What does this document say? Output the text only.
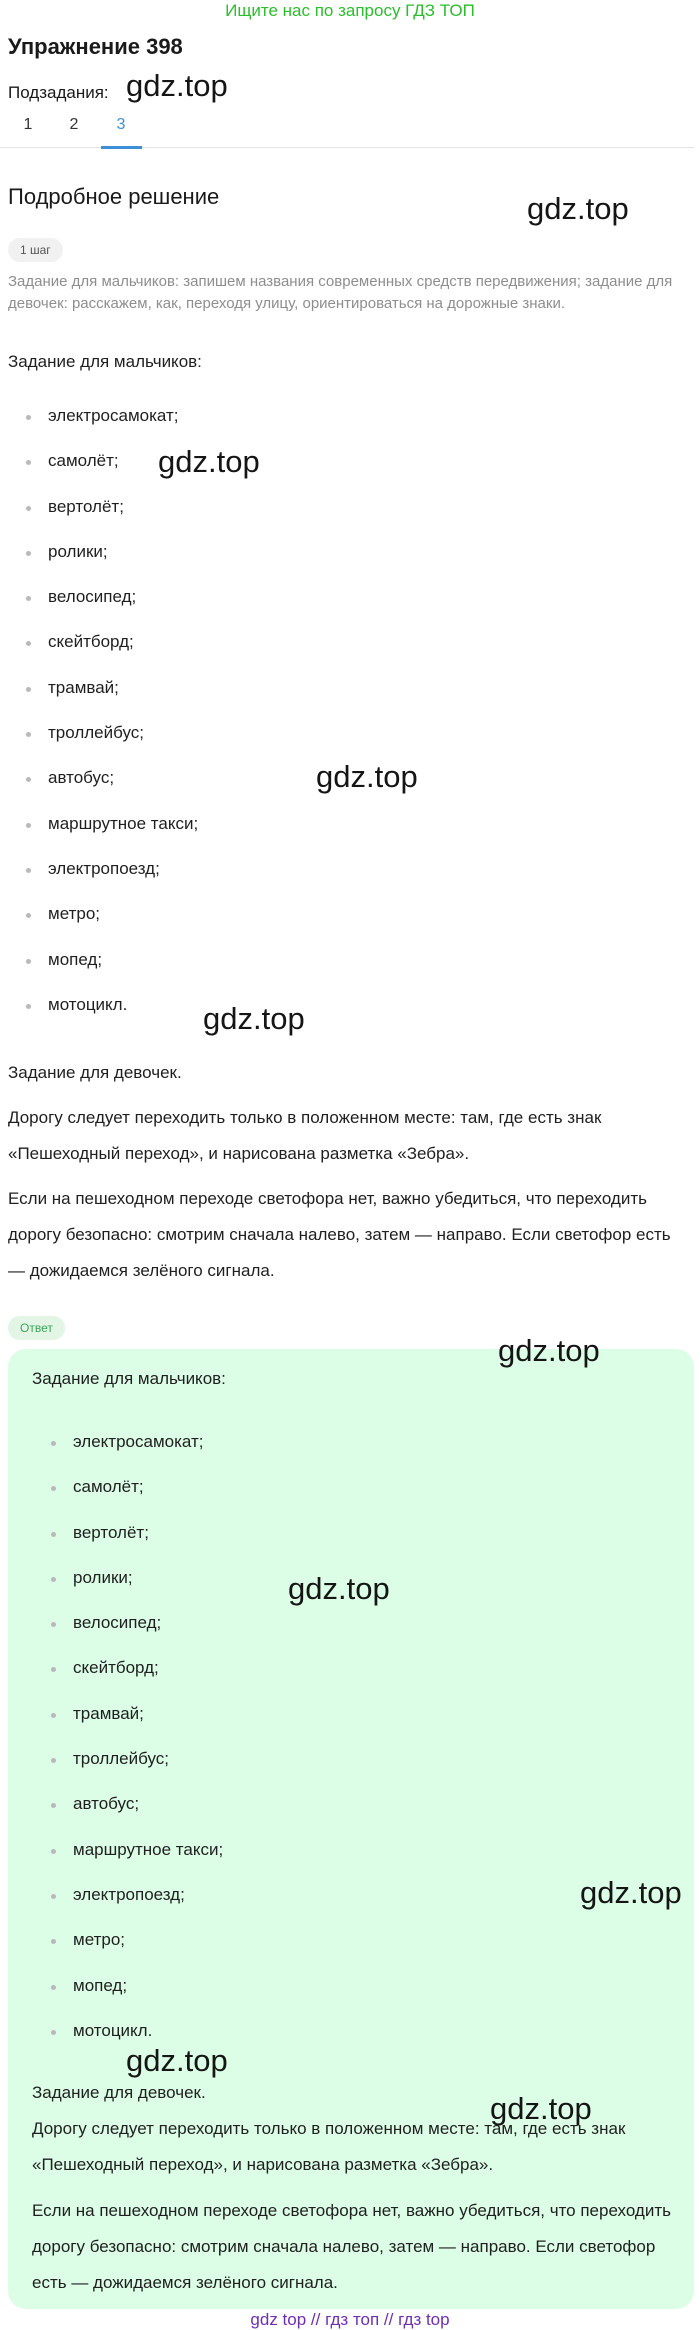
Ищите нас по запросу ГДЗ ТОП
Упражнение 398
Подзадания:
1	2	3
Подробное решение
1 шаг
Задание для мальчиков: запишем названия современных средств передвижения; задание для девочек: расскажем, как, переходя улицу, ориентироваться на дорожные знаки.
Задание для мальчиков:
электросамокат;
самолёт;
вертолёт;
ролики;
велосипед;
скейтборд;
трамвай;
троллейбус;
автобус;
маршрутное такси;
электропоезд;
метро;
мопед;
мотоцикл.
Задание для девочек.
Дорогу следует переходить только в положенном месте: там, где есть знак «Пешеходный переход», и нарисована разметка «Зебра».
Если на пешеходном переходе светофора нет, важно убедиться, что переходить дорогу безопасно: смотрим сначала налево, затем — направо. Если светофор есть — дожидаемся зелёного сигнала.
Ответ
Задание для мальчиков:
электросамокат;
самолёт;
вертолёт;
ролики;
велосипед;
скейтборд;
трамвай;
троллейбус;
автобус;
маршрутное такси;
электропоезд;
метро;
мопед;
мотоцикл.
Задание для девочек.
Дорогу следует переходить только в положенном месте: там, где есть знак «Пешеходный переход», и нарисована разметка «Зебра».
Если на пешеходном переходе светофора нет, важно убедиться, что переходить дорогу безопасно: смотрим сначала налево, затем — направо. Если светофор есть — дожидаемся зелёного сигнала.
gdz.top
gdz.top
gdz.top
gdz.top
gdz.top
gdz.top
gdz.top
gdz.top
gdz.top
gdz.top
gdz top // гдз топ // гдз top
